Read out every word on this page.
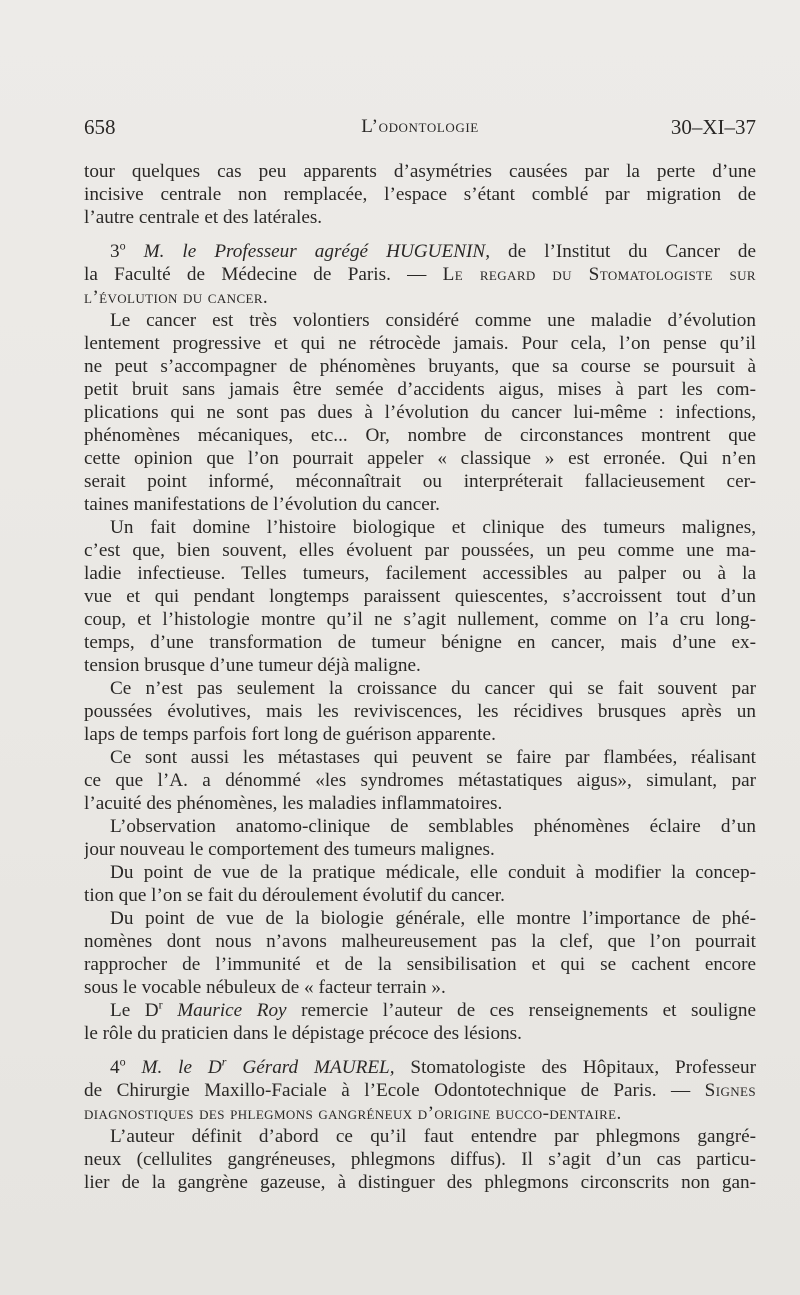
658	L’odontologie	30–XI–37
tour quelques cas peu apparents d’asymétries causées par la perte d’une
incisive centrale non remplacée, l’espace s’étant comblé par migration de
l’autre centrale et des latérales.
3$^o$ M. le Professeur agrégé HUGUENIN, de l’Institut du Cancer de
la Faculté de Médecine de Paris. — Le regard du Stomatologiste sur
l’évolution du cancer.
Le cancer est très volontiers considéré comme une maladie d’évolution
lentement progressive et qui ne rétrocède jamais. Pour cela, l’on pense qu’il
ne peut s’accompagner de phénomènes bruyants, que sa course se poursuit à
petit bruit sans jamais être semée d’accidents aigus, mises à part les com-
plications qui ne sont pas dues à l’évolution du cancer lui-même : infections,
phénomènes mécaniques, etc... Or, nombre de circonstances montrent que
cette opinion que l’on pourrait appeler « classique » est erronée. Qui n’en
serait point informé, méconnaîtrait ou interpréterait fallacieusement cer-
taines manifestations de l’évolution du cancer.
Un fait domine l’histoire biologique et clinique des tumeurs malignes,
c’est que, bien souvent, elles évoluent par poussées, un peu comme une ma-
ladie infectieuse. Telles tumeurs, facilement accessibles au palper ou à la
vue et qui pendant longtemps paraissent quiescentes, s’accroissent tout d’un
coup, et l’histologie montre qu’il ne s’agit nullement, comme on l’a cru long-
temps, d’une transformation de tumeur bénigne en cancer, mais d’une ex-
tension brusque d’une tumeur déjà maligne.
Ce n’est pas seulement la croissance du cancer qui se fait souvent par
poussées évolutives, mais les reviviscences, les récidives brusques après un
laps de temps parfois fort long de guérison apparente.
Ce sont aussi les métastases qui peuvent se faire par flambées, réalisant
ce que l’A. a dénommé «les syndromes métastatiques aigus», simulant, par
l’acuité des phénomènes, les maladies inflammatoires.
L’observation anatomo-clinique de semblables phénomènes éclaire d’un
jour nouveau le comportement des tumeurs malignes.
Du point de vue de la pratique médicale, elle conduit à modifier la concep-
tion que l’on se fait du déroulement évolutif du cancer.
Du point de vue de la biologie générale, elle montre l’importance de phé-
nomènes dont nous n’avons malheureusement pas la clef, que l’on pourrait
rapprocher de l’immunité et de la sensibilisation et qui se cachent encore
sous le vocable nébuleux de « facteur terrain ».
Le $D^r$ Maurice Roy remercie l’auteur de ces renseignements et souligne
le rôle du praticien dans le dépistage précoce des lésions.
4$^o$ M. le $D^r$ Gérard MAUREL, Stomatologiste des Hôpitaux, Professeur
de Chirurgie Maxillo-Faciale à l’Ecole Odontotechnique de Paris. — Signes
diagnostiques des phlegmons gangréneux d’origine bucco-dentaire.
L’auteur définit d’abord ce qu’il faut entendre par phlegmons gangré-
neux (cellulites gangréneuses, phlegmons diffus). Il s’agit d’un cas particu-
lier de la gangrène gazeuse, à distinguer des phlegmons circonscrits non gan-
